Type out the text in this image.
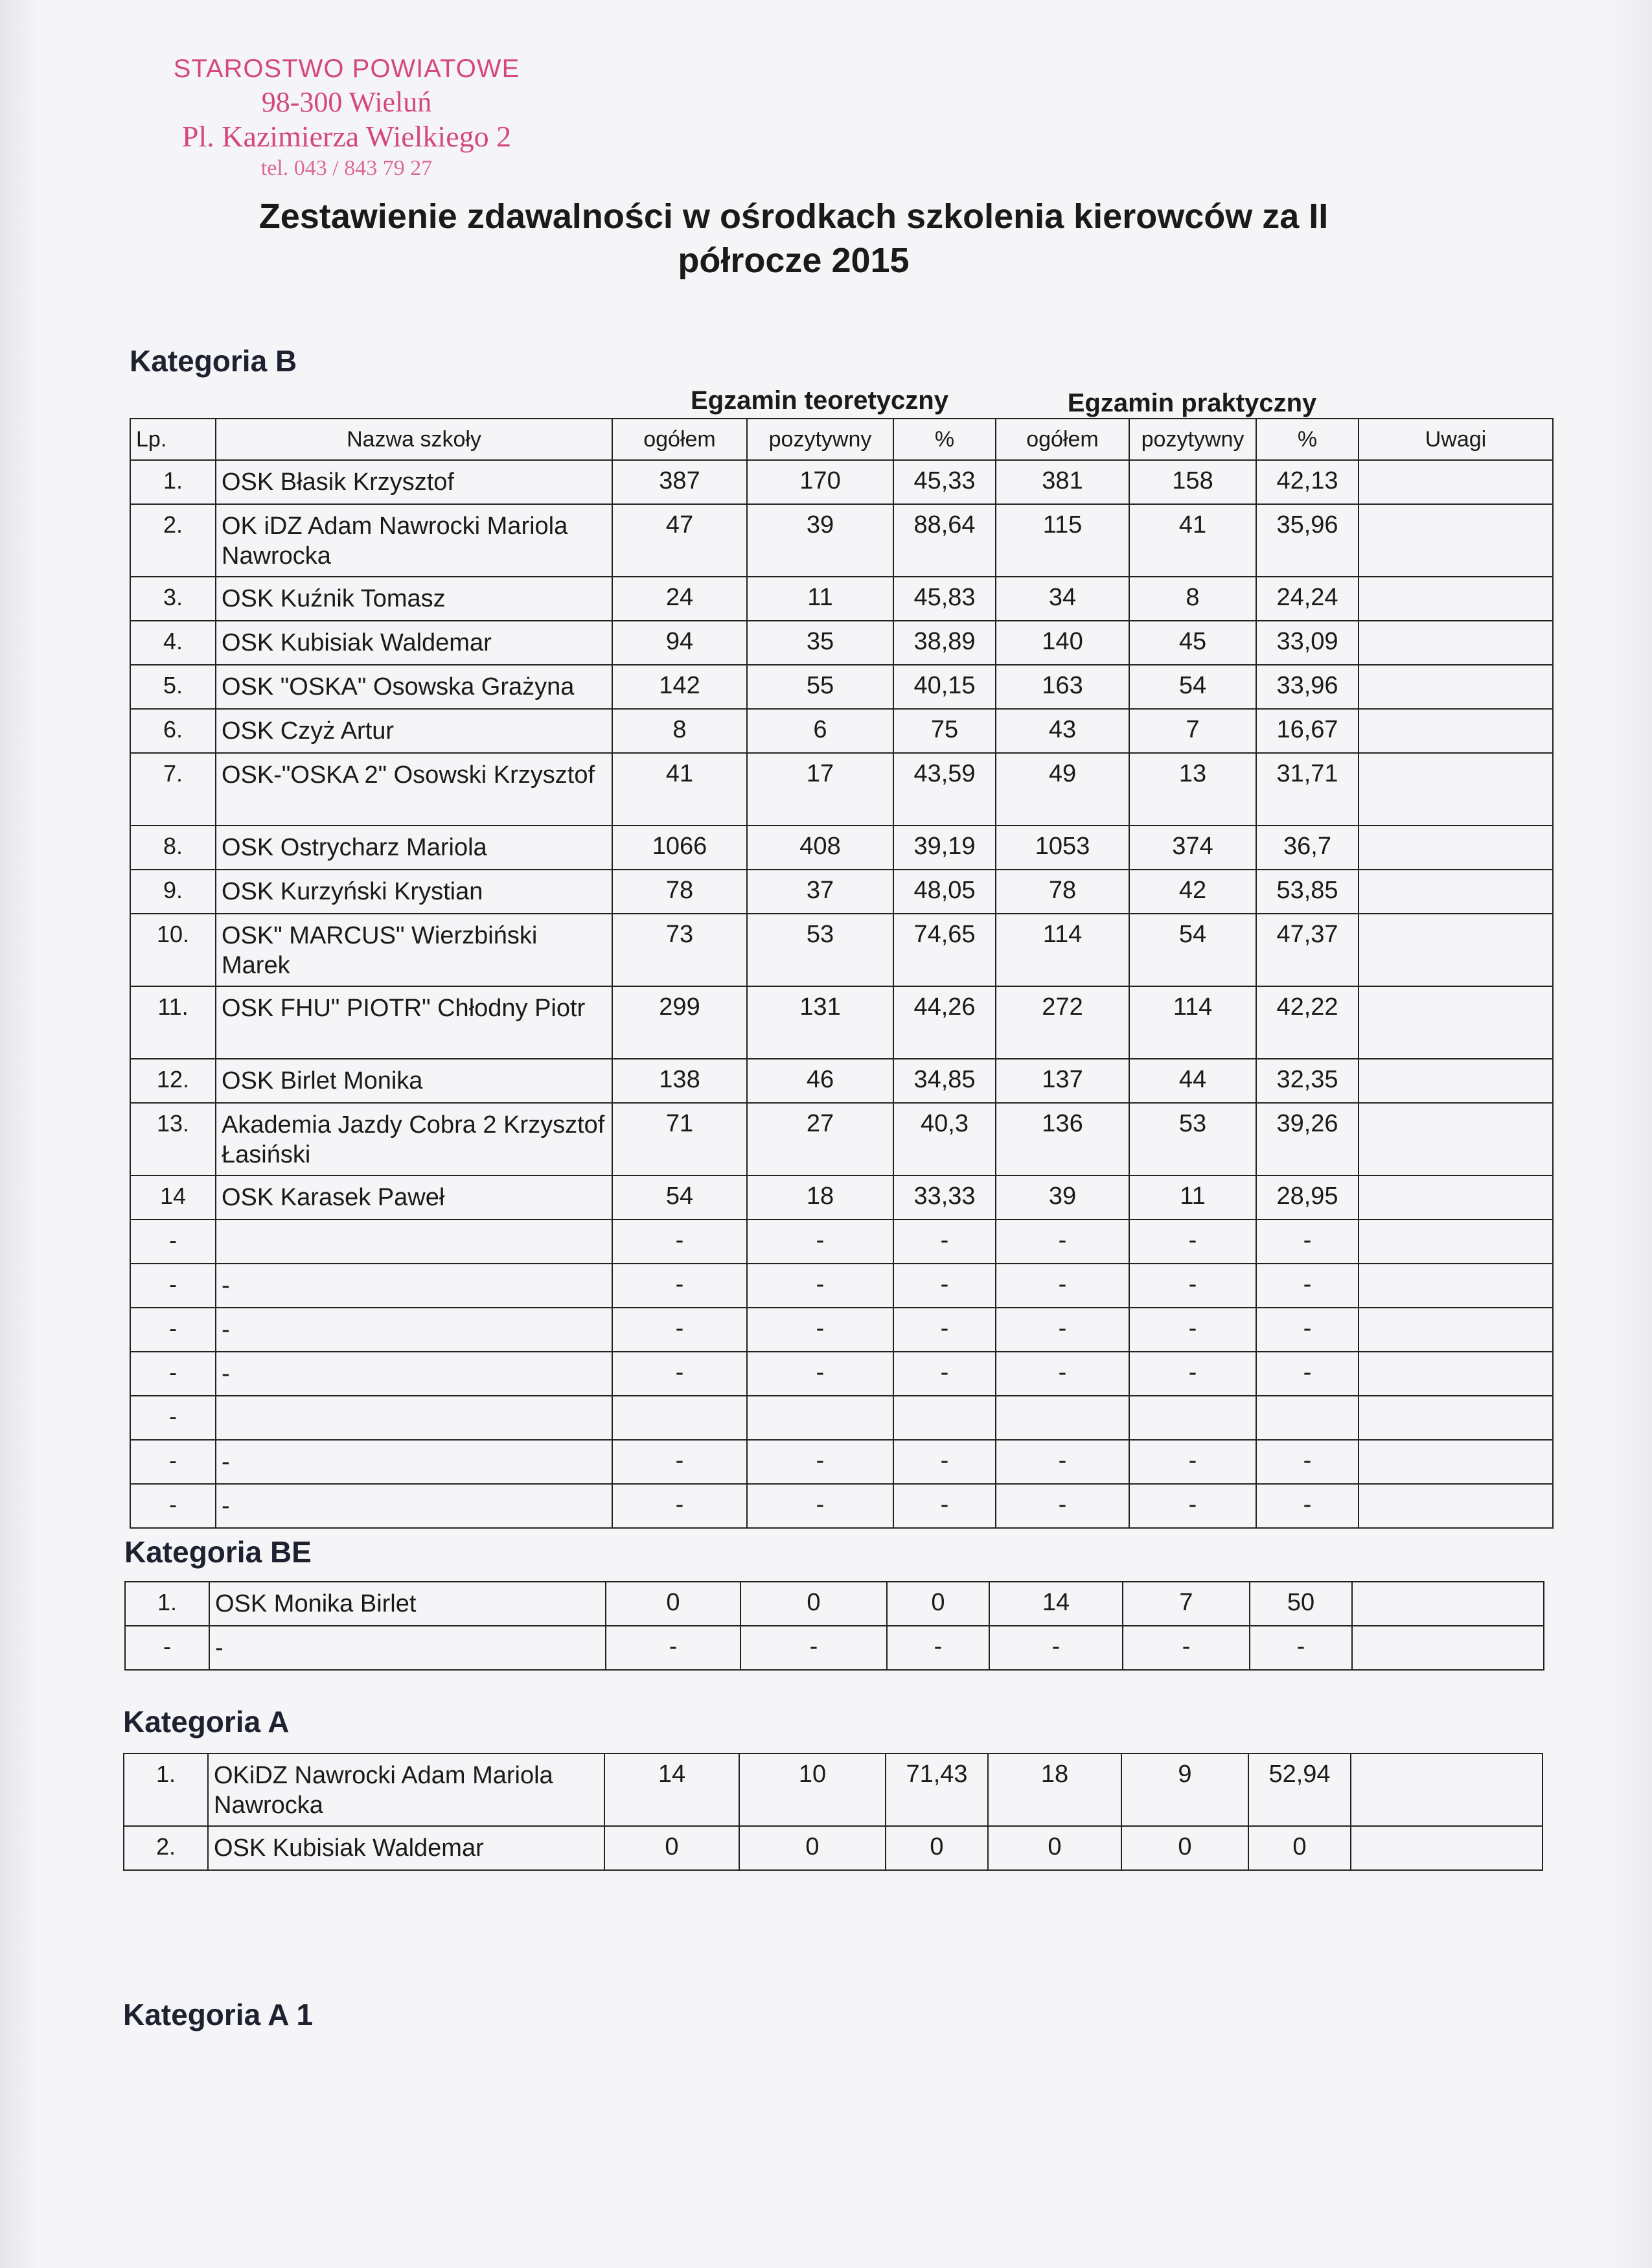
STAROSTWO POWIATOWE
98-300 Wieluń
Pl. Kazimierza Wielkiego 2
tel. 043 / 843 79 27
Zestawienie zdawalności w ośrodkach szkolenia kierowców za II
półrocze 2015
Kategoria B
Egzamin teoretyczny	Egzamin praktyczny
Lp.	Nazwa szkoły	ogółem	pozytywny	%	ogółem	pozytywny	%	Uwagi
1.	OSK Błasik Krzysztof	387	170	45,33	381	158	42,13	
2.	OK iDZ Adam Nawrocki Mariola Nawrocka	47	39	88,64	115	41	35,96	
3.	OSK Kuźnik Tomasz	24	11	45,83	34	8	24,24	
4.	OSK Kubisiak Waldemar	94	35	38,89	140	45	33,09	
5.	OSK "OSKA" Osowska Grażyna	142	55	40,15	163	54	33,96	
6.	OSK Czyż Artur	8	6	75	43	7	16,67	
7.	OSK-"OSKA 2" Osowski Krzysztof	41	17	43,59	49	13	31,71	
8.	OSK Ostrycharz Mariola	1066	408	39,19	1053	374	36,7	
9.	OSK Kurzyński Krystian	78	37	48,05	78	42	53,85	
10.	OSK" MARCUS" Wierzbiński Marek	73	53	74,65	114	54	47,37	
11.	OSK FHU" PIOTR" Chłodny Piotr	299	131	44,26	272	114	42,22	
12.	OSK Birlet Monika	138	46	34,85	137	44	32,35	
13.	Akademia Jazdy Cobra 2 Krzysztof Łasiński	71	27	40,3	136	53	39,26	
14	OSK Karasek Paweł	54	18	33,33	39	11	28,95	
-		-	-	-	-	-	-	
-	-	-	-	-	-	-	-	
-	-	-	-	-	-	-	-	
-	-	-	-	-	-	-	-	
-								
-	-	-	-	-	-	-	-	
-	-	-	-	-	-	-	-	
Kategoria BE
1.	OSK Monika Birlet	0	0	0	14	7	50	
-	-	-	-	-	-	-	-	
Kategoria A
1.	OKiDZ Nawrocki Adam Mariola Nawrocka	14	10	71,43	18	9	52,94	
2.	OSK Kubisiak Waldemar	0	0	0	0	0	0	
Kategoria A 1
